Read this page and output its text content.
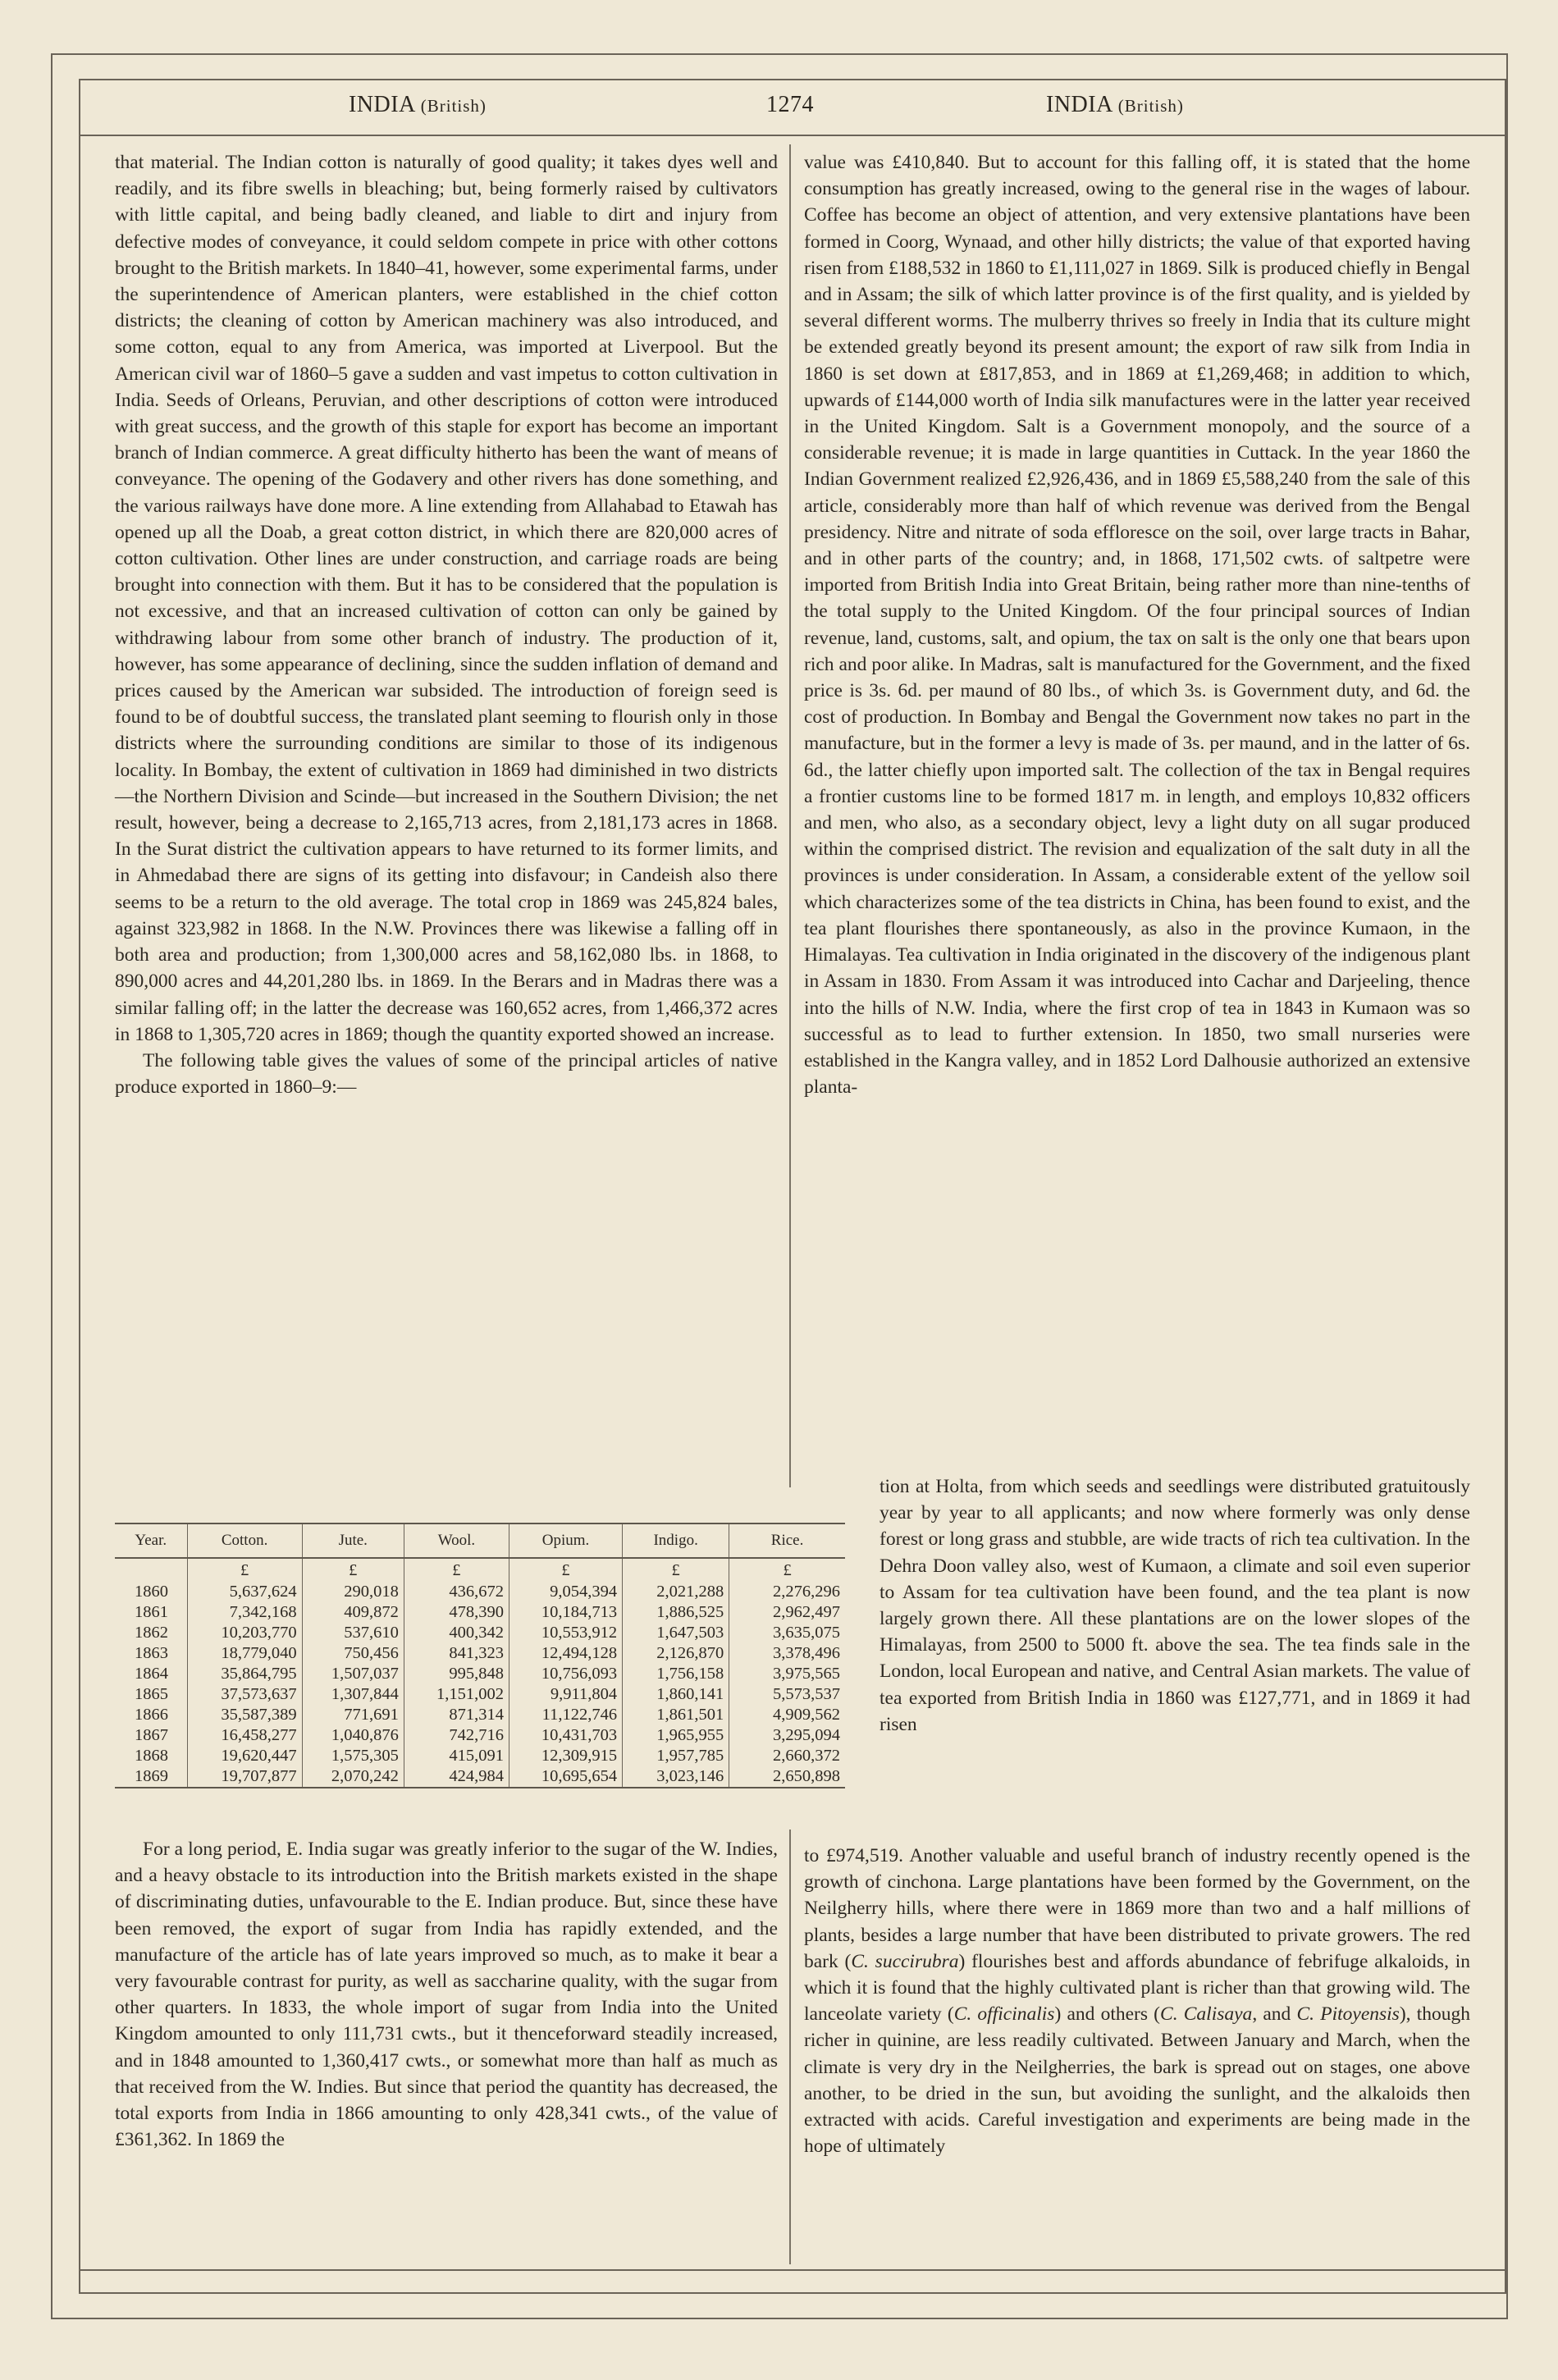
INDIA (British)	1274	INDIA (British)

that material. The Indian cotton is naturally of good quality; it takes dyes well and readily, and its fibre swells in bleaching; but, being formerly raised by cultivators with little capital, and being badly cleaned, and liable to dirt and injury from defective modes of conveyance, it could seldom compete in price with other cottons brought to the British markets. In 1840–41, however, some experimental farms, under the superintendence of American planters, were established in the chief cotton districts; the cleaning of cotton by American machinery was also introduced, and some cotton, equal to any from America, was imported at Liverpool. But the American civil war of 1860–5 gave a sudden and vast impetus to cotton cultivation in India. Seeds of Orleans, Peruvian, and other descriptions of cotton were introduced with great success, and the growth of this staple for export has become an important branch of Indian commerce. A great difficulty hitherto has been the want of means of conveyance. The opening of the Godavery and other rivers has done something, and the various railways have done more. A line extending from Allahabad to Etawah has opened up all the Doab, a great cotton district, in which there are 820,000 acres of cotton cultivation. Other lines are under construction, and carriage roads are being brought into connection with them. But it has to be considered that the population is not excessive, and that an increased cultivation of cotton can only be gained by withdrawing labour from some other branch of industry. The production of it, however, has some appearance of declining, since the sudden inflation of demand and prices caused by the American war subsided. The introduction of foreign seed is found to be of doubtful success, the translated plant seeming to flourish only in those districts where the surrounding conditions are similar to those of its indigenous locality. In Bombay, the extent of cultivation in 1869 had diminished in two districts—the Northern Division and Scinde—but increased in the Southern Division; the net result, however, being a decrease to 2,165,713 acres, from 2,181,173 acres in 1868. In the Surat district the cultivation appears to have returned to its former limits, and in Ahmedabad there are signs of its getting into disfavour; in Candeish also there seems to be a return to the old average. The total crop in 1869 was 245,824 bales, against 323,982 in 1868. In the N.W. Provinces there was likewise a falling off in both area and production; from 1,300,000 acres and 58,162,080 lbs. in 1868, to 890,000 acres and 44,201,280 lbs. in 1869. In the Berars and in Madras there was a similar falling off; in the latter the decrease was 160,652 acres, from 1,466,372 acres in 1868 to 1,305,720 acres in 1869; though the quantity exported showed an increase.

The following table gives the values of some of the principal articles of native produce exported in 1860–9:—

Year.	Cotton.	Jute.	Wool.	Opium.	Indigo.	Rice.
	£	£	£	£	£	£
1860	5,637,624	290,018	436,672	9,054,394	2,021,288	2,276,296
1861	7,342,168	409,872	478,390	10,184,713	1,886,525	2,962,497
1862	10,203,770	537,610	400,342	10,553,912	1,647,503	3,635,075
1863	18,779,040	750,456	841,323	12,494,128	2,126,870	3,378,496
1864	35,864,795	1,507,037	995,848	10,756,093	1,756,158	3,975,565
1865	37,573,637	1,307,844	1,151,002	9,911,804	1,860,141	5,573,537
1866	35,587,389	771,691	871,314	11,122,746	1,861,501	4,909,562
1867	16,458,277	1,040,876	742,716	10,431,703	1,965,955	3,295,094
1868	19,620,447	1,575,305	415,091	12,309,915	1,957,785	2,660,372
1869	19,707,877	2,070,242	424,984	10,695,654	3,023,146	2,650,898

For a long period, E. India sugar was greatly inferior to the sugar of the W. Indies, and a heavy obstacle to its introduction into the British markets existed in the shape of discriminating duties, unfavourable to the E. Indian produce. But, since these have been removed, the export of sugar from India has rapidly extended, and the manufacture of the article has of late years improved so much, as to make it bear a very favourable contrast for purity, as well as saccharine quality, with the sugar from other quarters. In 1833, the whole import of sugar from India into the United Kingdom amounted to only 111,731 cwts., but it thenceforward steadily increased, and in 1848 amounted to 1,360,417 cwts., or somewhat more than half as much as that received from the W. Indies. But since that period the quantity has decreased, the total exports from India in 1866 amounting to only 428,341 cwts., of the value of £361,362. In 1869 the

value was £410,840. But to account for this falling off, it is stated that the home consumption has greatly increased, owing to the general rise in the wages of labour. Coffee has become an object of attention, and very extensive plantations have been formed in Coorg, Wynaad, and other hilly districts; the value of that exported having risen from £188,532 in 1860 to £1,111,027 in 1869. Silk is produced chiefly in Bengal and in Assam; the silk of which latter province is of the first quality, and is yielded by several different worms. The mulberry thrives so freely in India that its culture might be extended greatly beyond its present amount; the export of raw silk from India in 1860 is set down at £817,853, and in 1869 at £1,269,468; in addition to which, upwards of £144,000 worth of India silk manufactures were in the latter year received in the United Kingdom. Salt is a Government monopoly, and the source of a considerable revenue; it is made in large quantities in Cuttack. In the year 1860 the Indian Government realized £2,926,436, and in 1869 £5,588,240 from the sale of this article, considerably more than half of which revenue was derived from the Bengal presidency. Nitre and nitrate of soda effloresce on the soil, over large tracts in Bahar, and in other parts of the country; and, in 1868, 171,502 cwts. of saltpetre were imported from British India into Great Britain, being rather more than nine-tenths of the total supply to the United Kingdom. Of the four principal sources of Indian revenue, land, customs, salt, and opium, the tax on salt is the only one that bears upon rich and poor alike. In Madras, salt is manufactured for the Government, and the fixed price is 3s. 6d. per maund of 80 lbs., of which 3s. is Government duty, and 6d. the cost of production. In Bombay and Bengal the Government now takes no part in the manufacture, but in the former a levy is made of 3s. per maund, and in the latter of 6s. 6d., the latter chiefly upon imported salt. The collection of the tax in Bengal requires a frontier customs line to be formed 1817 m. in length, and employs 10,832 officers and men, who also, as a secondary object, levy a light duty on all sugar produced within the comprised district. The revision and equalization of the salt duty in all the provinces is under consideration. In Assam, a considerable extent of the yellow soil which characterizes some of the tea districts in China, has been found to exist, and the tea plant flourishes there spontaneously, as also in the province Kumaon, in the Himalayas. Tea cultivation in India originated in the discovery of the indigenous plant in Assam in 1830. From Assam it was introduced into Cachar and Darjeeling, thence into the hills of N.W. India, where the first crop of tea in 1843 in Kumaon was so successful as to lead to further extension. In 1850, two small nurseries were established in the Kangra valley, and in 1852 Lord Dalhousie authorized an extensive planta-

tion at Holta, from which seeds and seedlings were distributed gratuitously year by year to all applicants; and now where formerly was only dense forest or long grass and stubble, are wide tracts of rich tea cultivation. In the Dehra Doon valley also, west of Kumaon, a climate and soil even superior to Assam for tea cultivation have been found, and the tea plant is now largely grown there. All these plantations are on the lower slopes of the Himalayas, from 2500 to 5000 ft. above the sea. The tea finds sale in the London, local European and native, and Central Asian markets. The value of tea exported from British India in 1860 was £127,771, and in 1869 it had risen

to £974,519. Another valuable and useful branch of industry recently opened is the growth of cinchona. Large plantations have been formed by the Government, on the Neilgherry hills, where there were in 1869 more than two and a half millions of plants, besides a large number that have been distributed to private growers. The red bark (C. succirubra) flourishes best and affords abundance of febrifuge alkaloids, in which it is found that the highly cultivated plant is richer than that growing wild. The lanceolate variety (C. officinalis) and others (C. Calisaya, and C. Pitoyensis), though richer in quinine, are less readily cultivated. Between January and March, when the climate is very dry in the Neilgherries, the bark is spread out on stages, one above another, to be dried in the sun, but avoiding the sunlight, and the alkaloids then extracted with acids. Careful investigation and experiments are being made in the hope of ultimately
